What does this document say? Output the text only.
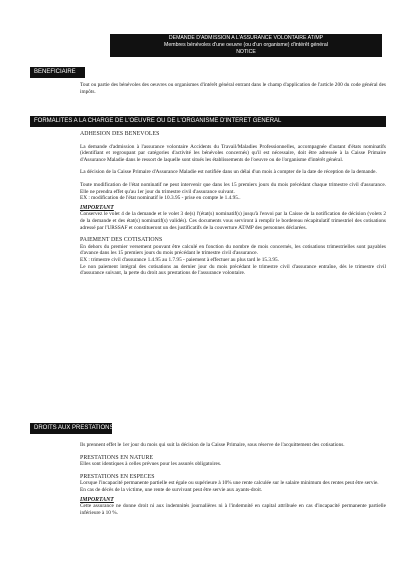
DEMANDE D'ADMISSION A L'ASSURANCE VOLONTAIRE AT/MP
Membres bénévoles d'une oeuvre (ou d'un organisme) d'intérêt général
NOTICE
BENEFICIAIRE

Tout ou partie des bénévoles des oeuvres ou organismes d'intérêt général entrant dans le champ d'application de l'article 200 du code général des impôts.

FORMALITES A LA CHARGE DE L'OEUVRE OU DE L'ORGANISME D'INTERET GENERAL
ADHESION DES BENEVOLES

La demande d'admission à l'assurance volontaire Accidents du Travail/Maladies Professionnelles, accompagnée d'autant d'états nominatifs (identifiant et regroupant par catégories d'activité les bénévoles concernés) qu'il est nécessaire, doit être adressée à la Caisse Primaire d'Assurance Maladie dans le ressort de laquelle sont situés les établissements de l'oeuvre ou de l'organisme d'intérêt général.

La décision de la Caisse Primaire d'Assurance Maladie est notifiée dans un délai d'un mois à compter de la date de réception de la demande.

Toute modification de l'état nominatif ne peut intervenir que dans les 15 premiers jours du mois précédant chaque trimestre civil d'assurance. Elle ne prendra effet qu'au 1er jour du trimestre civil d'assurance suivant.

EX : modification de l'état nominatif le 10.3.95 - prise en compte le 1.4.95..

IMPORTANT

Conservez le volet 4 de la demande et le volet 3 de(s) l'(état(s) nominatif(s) jusqu'à l'envoi par la Caisse de la notification de décision (volets 2 de la demande et des état(s) nominatif(s) validés). Ces documents vous serviront à remplir le bordereau récapitulatif trimestriel des cotisations adressé par l'URSSAF et constitueront un des justificatifs de la couverture AT/MP des personnes déclarées.

PAIEMENT DES COTISATIONS

En dehors du premier versement pouvant être calculé en fonction du nombre de mois concernés, les cotisations trimestrielles sont payables d'avance dans les 15 premiers jours du mois précédant le trimestre civil d'assurance.

EX : trimestre civil d'assurance 1.4.95 au 1.7.95 - paiement à effectuer au plus tard le 15.3.95.

Le non paiement intégral des cotisations au dernier jour du mois précédant le trimestre civil d'assurance entraîne, dès le trimestre civil d'assurance suivant, la perte du droit aux prestations de l'assurance volontaire.

DROITS AUX PRESTATIONS

Ils prennent effet le 1er jour du mois qui suit la décision de la Caisse Primaire, sous réserve de l'acquittement des cotisations.

PRESTATIONS EN NATURE

Elles sont identiques à celles prévues pour les assurés obligatoires.

PRESTATIONS EN ESPECES

Lorsque l'incapacité permanente partielle est égale ou supérieure à 10% une rente calculée sur le salaire minimum des rentes peut être servie.

En cas de décès de la victime, une rente de survivant peut être servie aux ayants-droit.

IMPORTANT

Cette assurance ne donne droit ni aux indemnités journalières ni à l'indemnité en capital attribuée en cas d'incapacité permanente partielle inférieure à 10 %.
